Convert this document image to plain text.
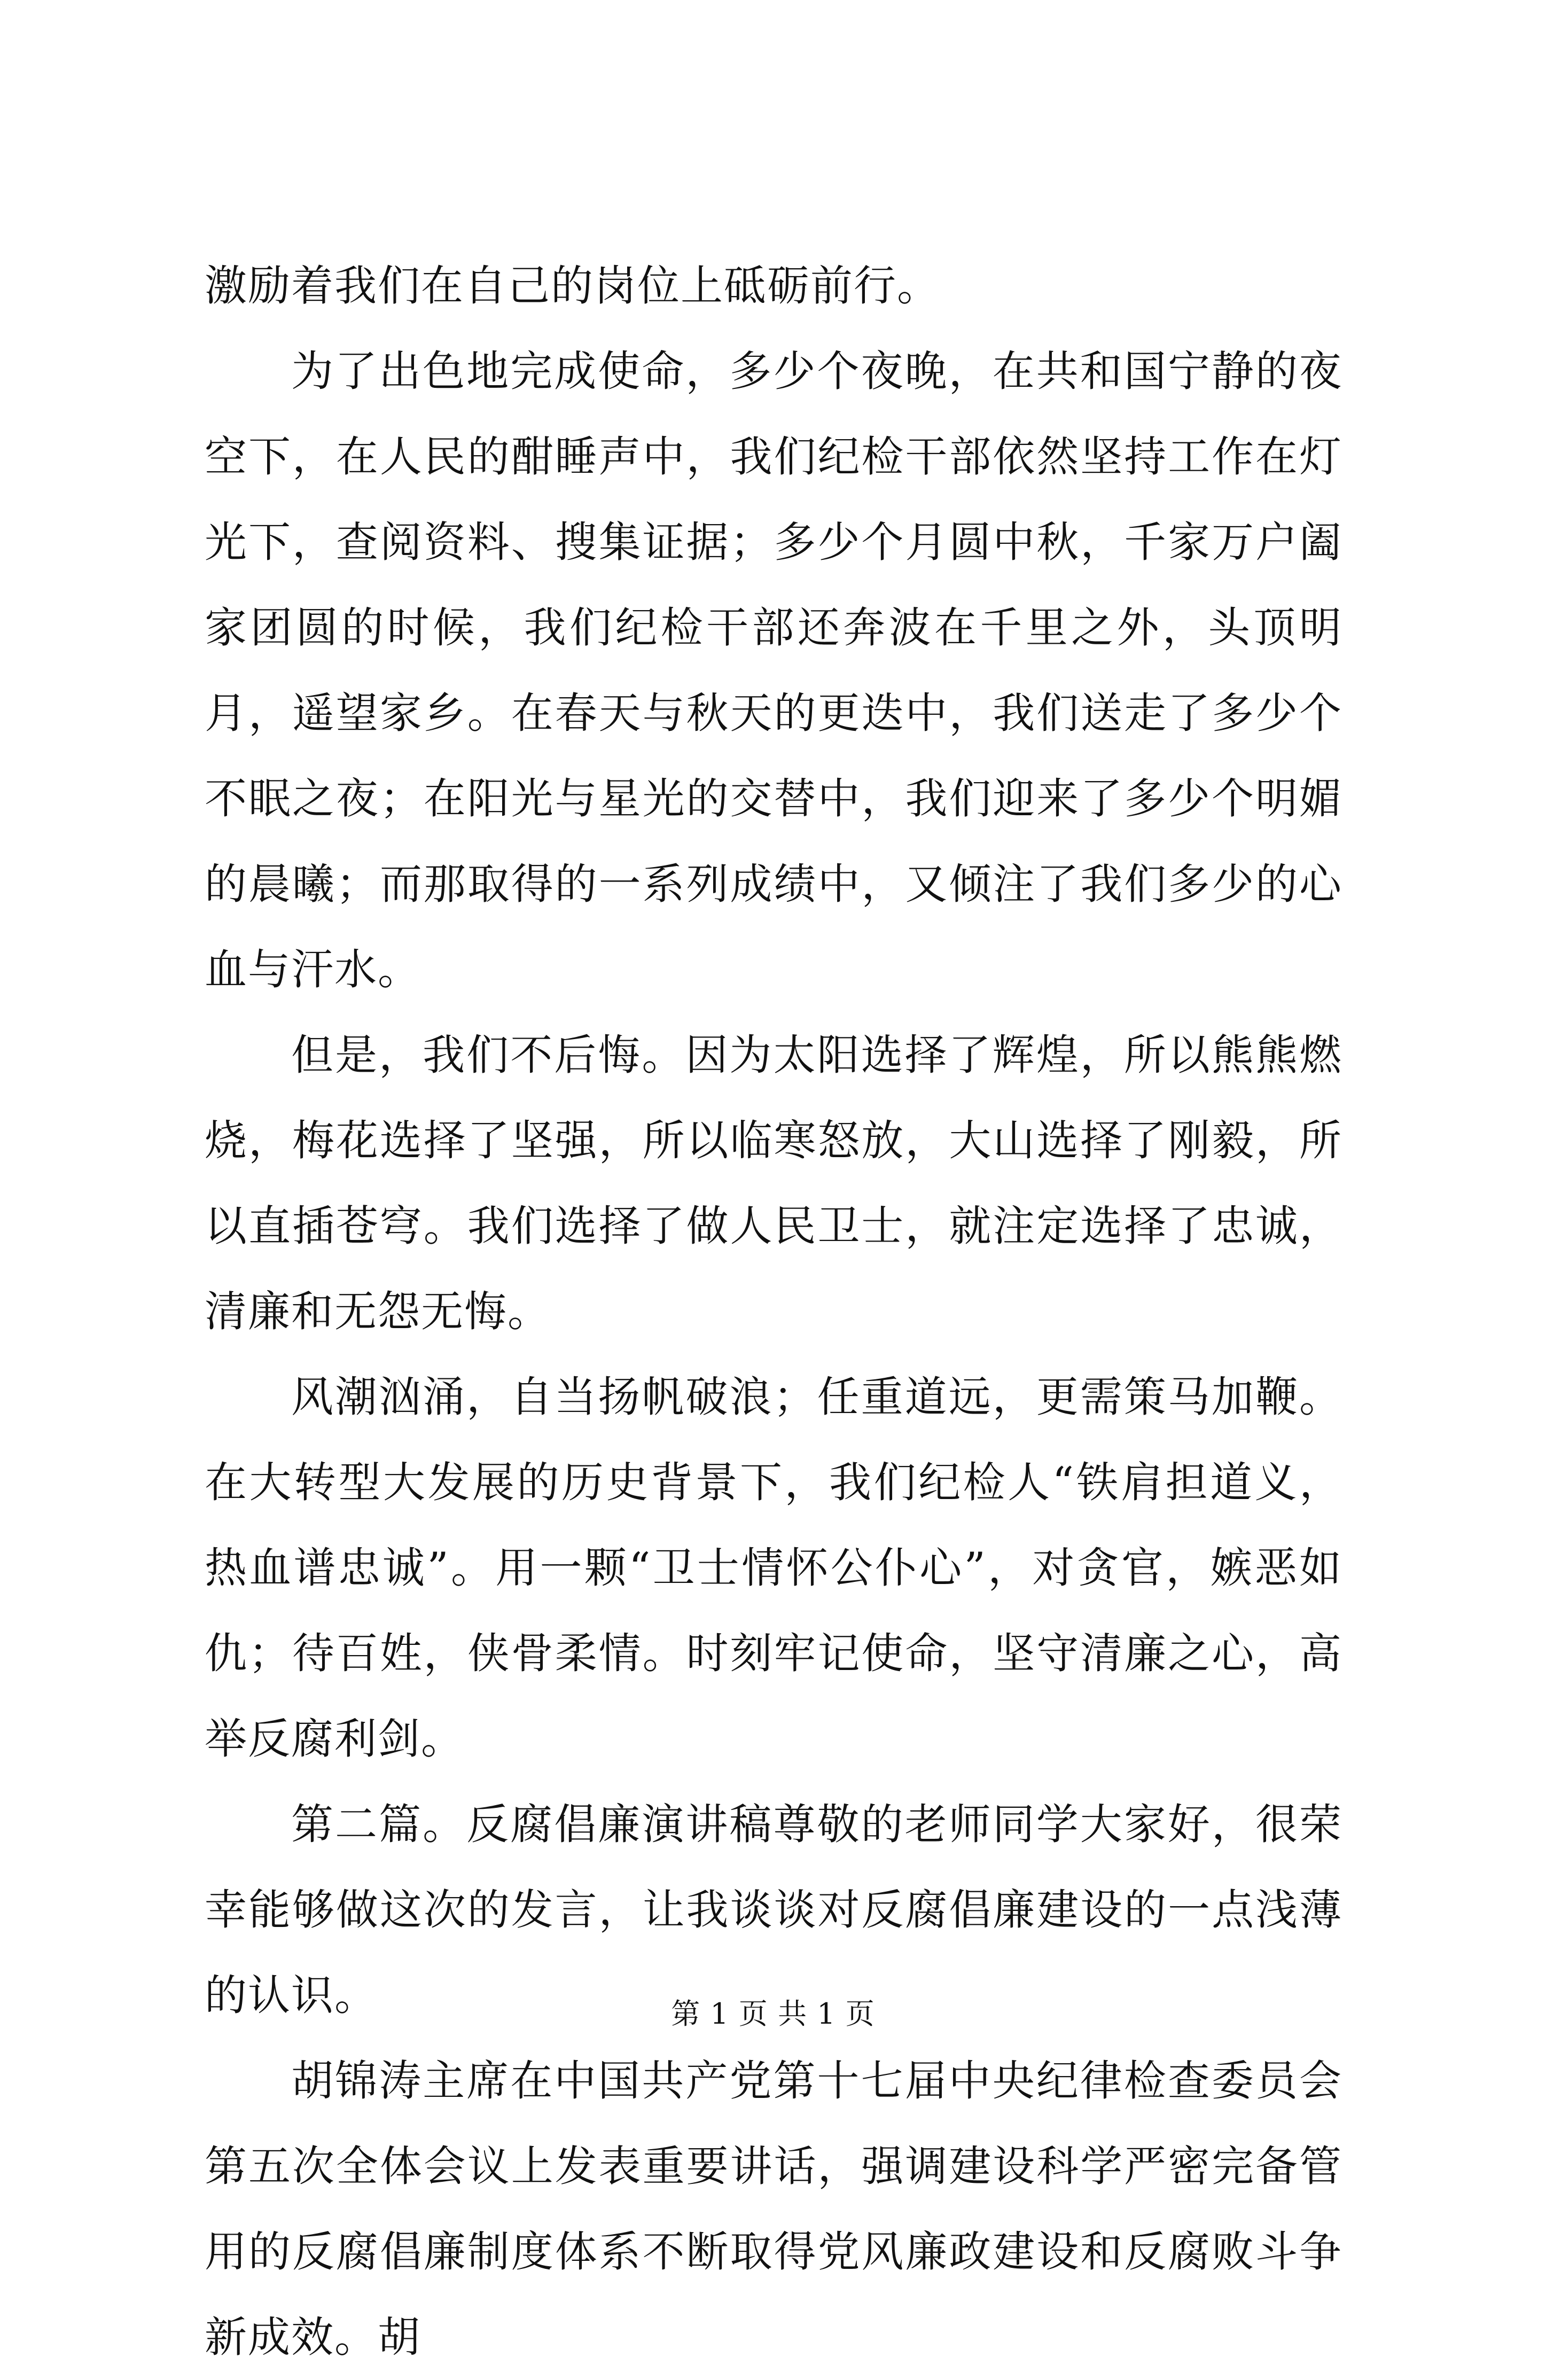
激励着我们在自己的岗位上砥砺前行。

为了出色地完成使命，多少个夜晚，在共和国宁静的夜空下，在人民的酣睡声中，我们纪检干部依然坚持工作在灯光下，查阅资料、搜集证据；多少个月圆中秋，千家万户阖家团圆的时候，我们纪检干部还奔波在千里之外，头顶明月，遥望家乡。在春天与秋天的更迭中，我们送走了多少个不眠之夜；在阳光与星光的交替中，我们迎来了多少个明媚的晨曦；而那取得的一系列成绩中，又倾注了我们多少的心血与汗水。

但是，我们不后悔。因为太阳选择了辉煌，所以熊熊燃烧，梅花选择了坚强，所以临寒怒放，大山选择了刚毅，所以直插苍穹。我们选择了做人民卫士，就注定选择了忠诚，清廉和无怨无悔。

风潮汹涌，自当扬帆破浪；任重道远，更需策马加鞭。在大转型大发展的历史背景下，我们纪检人“铁肩担道义，热血谱忠诚”。用一颗“卫士情怀公仆心”，对贪官，嫉恶如仇；待百姓，侠骨柔情。时刻牢记使命，坚守清廉之心，高举反腐利剑。

第二篇。反腐倡廉演讲稿尊敬的老师同学大家好，很荣幸能够做这次的发言，让我谈谈对反腐倡廉建设的一点浅薄的认识。

胡锦涛主席在中国共产党第十七届中央纪律检查委员会第五次全体会议上发表重要讲话，强调建设科学严密完备管用的反腐倡廉制度体系不断取得党风廉政建设和反腐败斗争新成效。胡

第 1 页 共 1 页
